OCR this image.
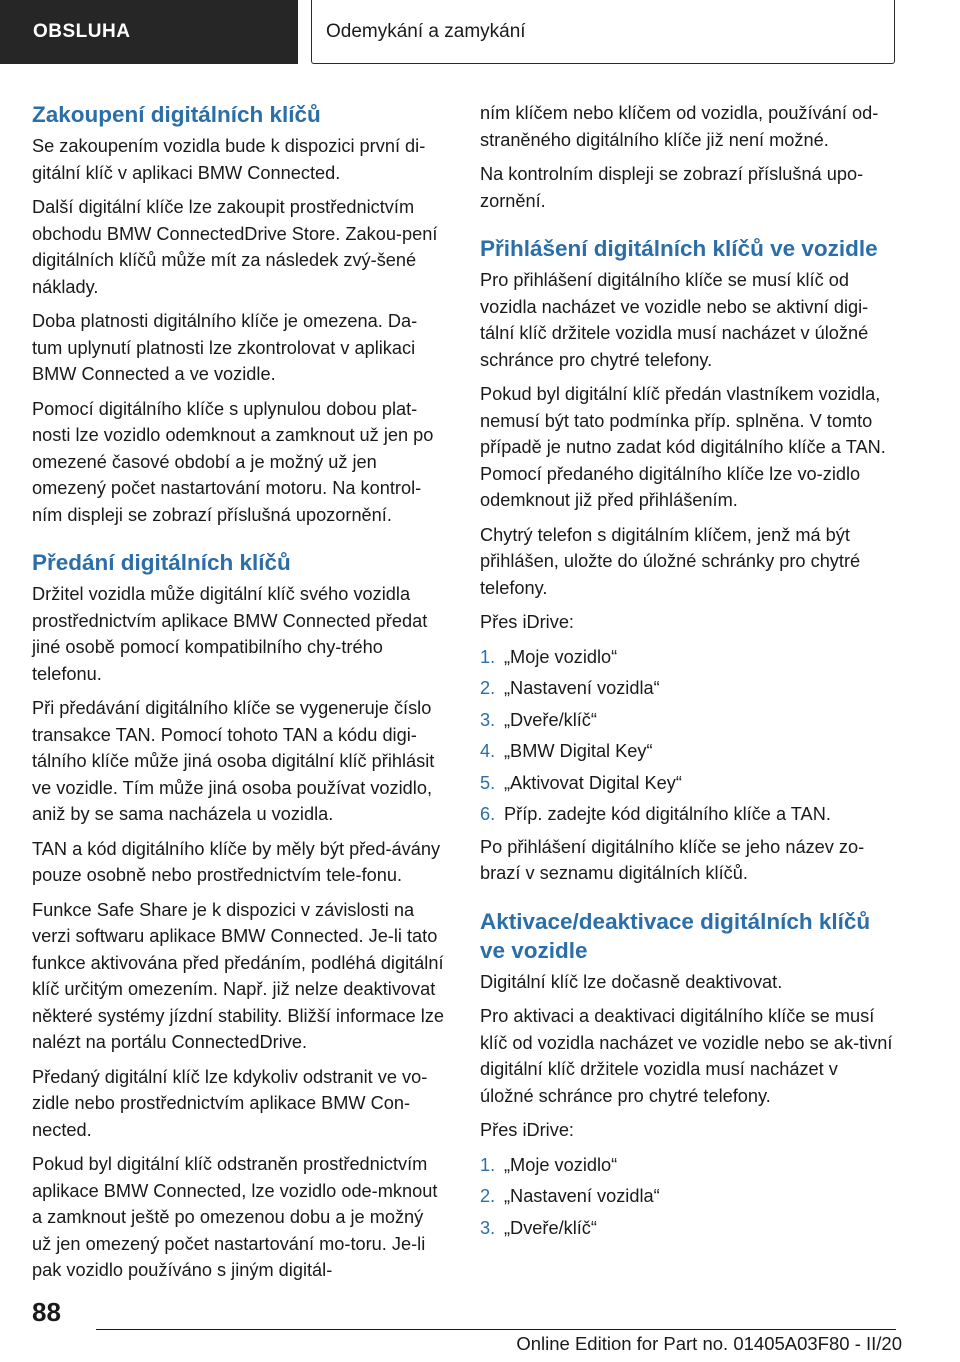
OBSLUHA	Odemykání a zamykání
Zakoupení digitálních klíčů

Se zakoupením vozidla bude k dispozici první di-gitální klíč v aplikaci BMW Connected.

Další digitální klíče lze zakoupit prostřednictvím obchodu BMW ConnectedDrive Store. Zakou-pení digitálních klíčů může mít za následek zvý-šené náklady.

Doba platnosti digitálního klíče je omezena. Da-tum uplynutí platnosti lze zkontrolovat v aplikaci BMW Connected a ve vozidle.

Pomocí digitálního klíče s uplynulou dobou plat-nosti lze vozidlo odemknout a zamknout už jen po omezené časové období a je možný už jen omezený počet nastartování motoru. Na kontrol-ním displeji se zobrazí příslušná upozornění.

Předání digitálních klíčů

Držitel vozidla může digitální klíč svého vozidla prostřednictvím aplikace BMW Connected předat jiné osobě pomocí kompatibilního chy-trého telefonu.

Při předávání digitálního klíče se vygeneruje číslo transakce TAN. Pomocí tohoto TAN a kódu digi-tálního klíče může jiná osoba digitální klíč přihlásit ve vozidle. Tím může jiná osoba používat vozidlo, aniž by se sama nacházela u vozidla.

TAN a kód digitálního klíče by měly být před-ávány pouze osobně nebo prostřednictvím tele-fonu.

Funkce Safe Share je k dispozici v závislosti na verzi softwaru aplikace BMW Connected. Je-li tato funkce aktivována před předáním, podléhá digitální klíč určitým omezením. Např. již nelze deaktivovat některé systémy jízdní stability. Bližší informace lze nalézt na portálu ConnectedDrive.

Předaný digitální klíč lze kdykoliv odstranit ve vo-zidle nebo prostřednictvím aplikace BMW Con-nected.

Pokud byl digitální klíč odstraněn prostřednictvím aplikace BMW Connected, lze vozidlo ode-mknout a zamknout ještě po omezenou dobu a je možný už jen omezený počet nastartování mo-toru. Je-li pak vozidlo používáno s jiným digitál-

ním klíčem nebo klíčem od vozidla, používání od-straněného digitálního klíče již není možné.

Na kontrolním displeji se zobrazí příslušná upo-zornění.

Přihlášení digitálních klíčů ve vozidle

Pro přihlášení digitálního klíče se musí klíč od vozidla nacházet ve vozidle nebo se aktivní digi-tální klíč držitele vozidla musí nacházet v úložné schránce pro chytré telefony.

Pokud byl digitální klíč předán vlastníkem vozidla, nemusí být tato podmínka příp. splněna. V tomto případě je nutno zadat kód digitálního klíče a TAN. Pomocí předaného digitálního klíče lze vo-zidlo odemknout již před přihlášením.

Chytrý telefon s digitálním klíčem, jenž má být přihlášen, uložte do úložné schránky pro chytré telefony.

Přes iDrive:

1. „Moje vozidlo“
2. „Nastavení vozidla“
3. „Dveře/klíč“
4. „BMW Digital Key“
5. „Aktivovat Digital Key“
6. Příp. zadejte kód digitálního klíče a TAN.

Po přihlášení digitálního klíče se jeho název zo-brazí v seznamu digitálních klíčů.

Aktivace/deaktivace digitálních klíčů ve vozidle

Digitální klíč lze dočasně deaktivovat.

Pro aktivaci a deaktivaci digitálního klíče se musí klíč od vozidla nacházet ve vozidle nebo se ak-tivní digitální klíč držitele vozidla musí nacházet v úložné schránce pro chytré telefony.

Přes iDrive:

1. „Moje vozidlo“
2. „Nastavení vozidla“
3. „Dveře/klíč“
88
Online Edition for Part no. 01405A03F80 - II/20
